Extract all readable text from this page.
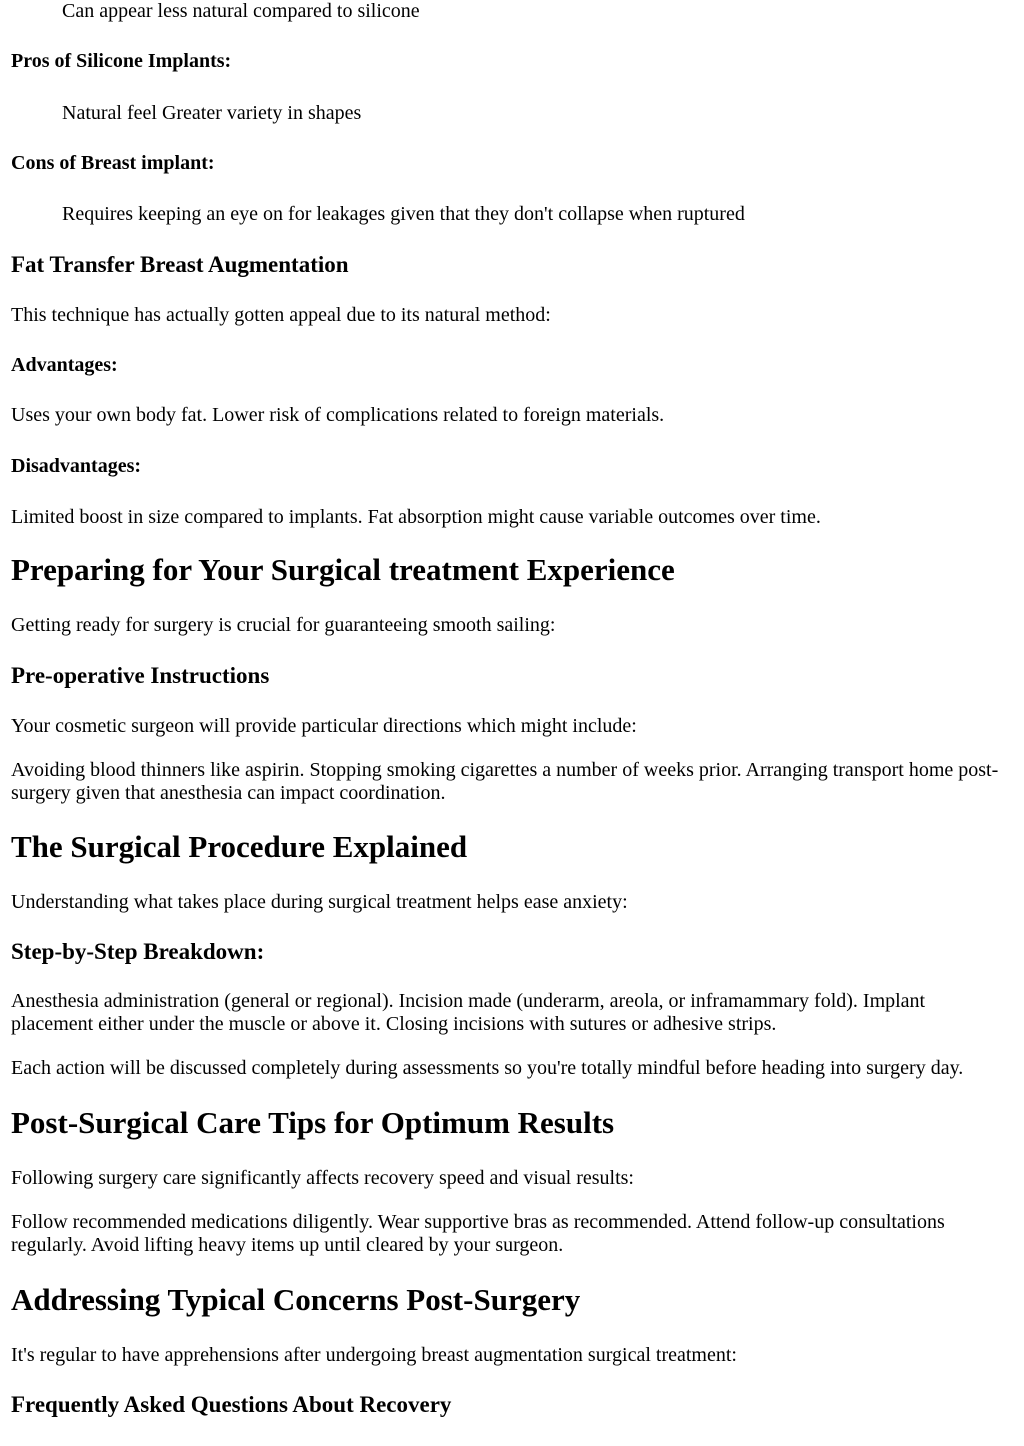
Can appear less natural compared to silicone

Pros of Silicone Implants:

Natural feel Greater variety in shapes

Cons of Breast implant:

Requires keeping an eye on for leakages given that they don't collapse when ruptured

Fat Transfer Breast Augmentation

This technique has actually gotten appeal due to its natural method:

Advantages:

Uses your own body fat. Lower risk of complications related to foreign materials.

Disadvantages:

Limited boost in size compared to implants. Fat absorption might cause variable outcomes over time.

Preparing for Your Surgical treatment Experience

Getting ready for surgery is crucial for guaranteeing smooth sailing:

Pre-operative Instructions

Your cosmetic surgeon will provide particular directions which might include:

Avoiding blood thinners like aspirin. Stopping smoking cigarettes a number of weeks prior. Arranging transport home post-surgery given that anesthesia can impact coordination.

The Surgical Procedure Explained

Understanding what takes place during surgical treatment helps ease anxiety:

Step-by-Step Breakdown:

Anesthesia administration (general or regional). Incision made (underarm, areola, or inframammary fold). Implant placement either under the muscle or above it. Closing incisions with sutures or adhesive strips.

Each action will be discussed completely during assessments so you're totally mindful before heading into surgery day.

Post-Surgical Care Tips for Optimum Results

Following surgery care significantly affects recovery speed and visual results:

Follow recommended medications diligently. Wear supportive bras as recommended. Attend follow-up consultations regularly. Avoid lifting heavy items up until cleared by your surgeon.

Addressing Typical Concerns Post-Surgery

It's regular to have apprehensions after undergoing breast augmentation surgical treatment:

Frequently Asked Questions About Recovery
